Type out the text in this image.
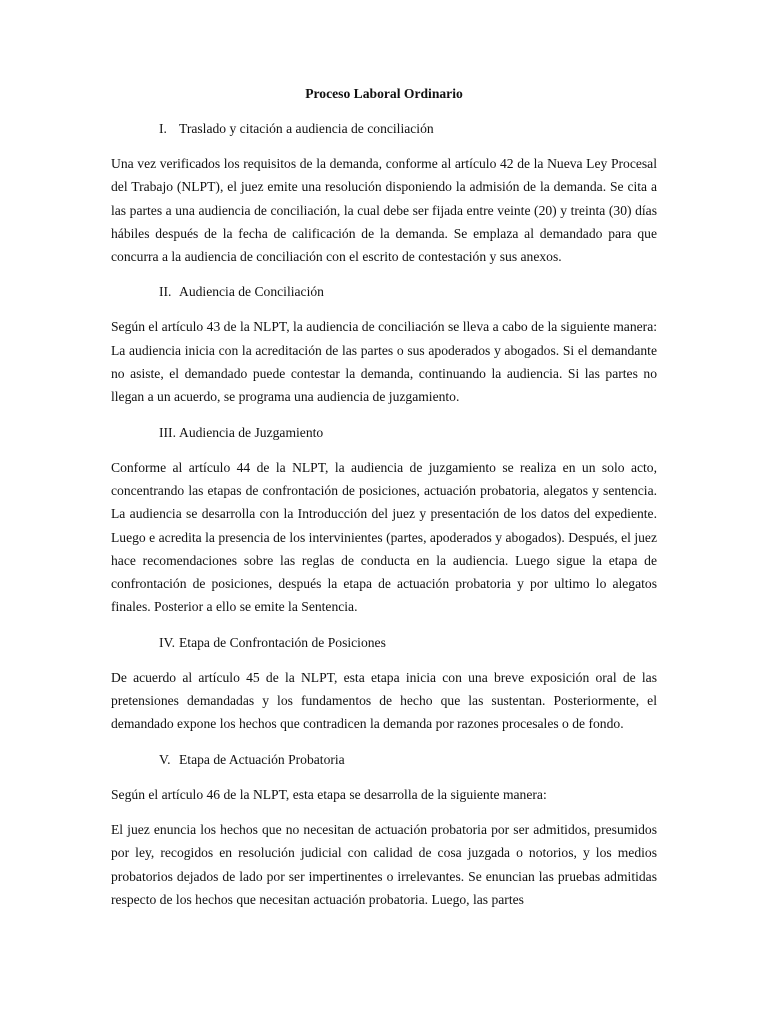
Proceso Laboral Ordinario
I. Traslado y citación a audiencia de conciliación
Una vez verificados los requisitos de la demanda, conforme al artículo 42 de la Nueva Ley Procesal del Trabajo (NLPT), el juez emite una resolución disponiendo la admisión de la demanda. Se cita a las partes a una audiencia de conciliación, la cual debe ser fijada entre veinte (20) y treinta (30) días hábiles después de la fecha de calificación de la demanda. Se emplaza al demandado para que concurra a la audiencia de conciliación con el escrito de contestación y sus anexos.
II. Audiencia de Conciliación
Según el artículo 43 de la NLPT, la audiencia de conciliación se lleva a cabo de la siguiente manera: La audiencia inicia con la acreditación de las partes o sus apoderados y abogados. Si el demandante no asiste, el demandado puede contestar la demanda, continuando la audiencia. Si las partes no llegan a un acuerdo, se programa una audiencia de juzgamiento.
III. Audiencia de Juzgamiento
Conforme al artículo 44 de la NLPT, la audiencia de juzgamiento se realiza en un solo acto, concentrando las etapas de confrontación de posiciones, actuación probatoria, alegatos y sentencia. La audiencia se desarrolla con la Introducción del juez y presentación de los datos del expediente. Luego e acredita la presencia de los intervinientes (partes, apoderados y abogados). Después, el juez hace recomendaciones sobre las reglas de conducta en la audiencia. Luego sigue la etapa de confrontación de posiciones, después la etapa de actuación probatoria y por ultimo lo alegatos finales. Posterior a ello se emite la Sentencia.
IV. Etapa de Confrontación de Posiciones
De acuerdo al artículo 45 de la NLPT, esta etapa inicia con una breve exposición oral de las pretensiones demandadas y los fundamentos de hecho que las sustentan. Posteriormente, el demandado expone los hechos que contradicen la demanda por razones procesales o de fondo.
V. Etapa de Actuación Probatoria
Según el artículo 46 de la NLPT, esta etapa se desarrolla de la siguiente manera:
El juez enuncia los hechos que no necesitan de actuación probatoria por ser admitidos, presumidos por ley, recogidos en resolución judicial con calidad de cosa juzgada o notorios, y los medios probatorios dejados de lado por ser impertinentes o irrelevantes. Se enuncian las pruebas admitidas respecto de los hechos que necesitan actuación probatoria. Luego, las partes
